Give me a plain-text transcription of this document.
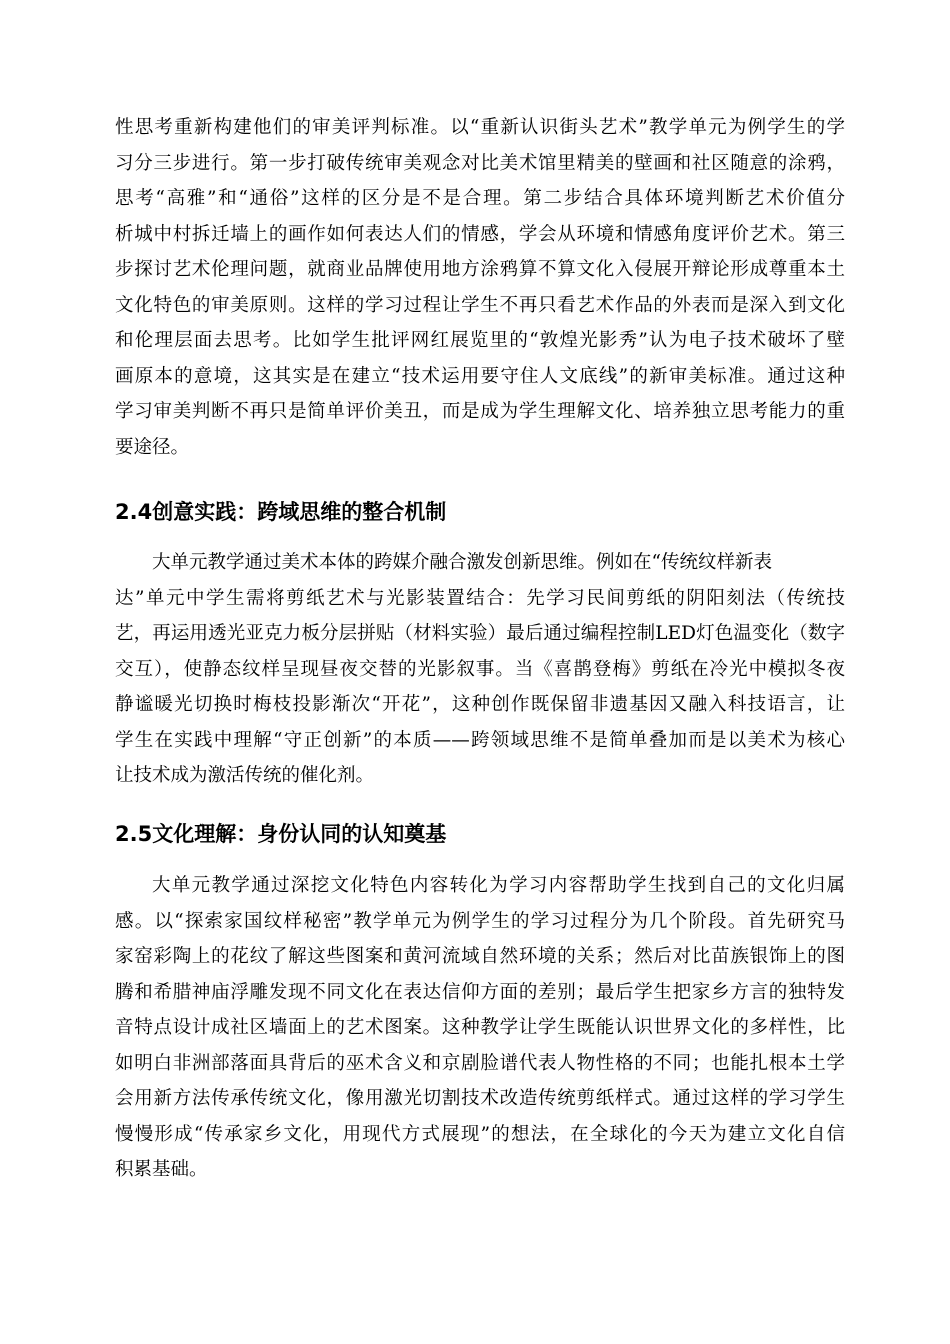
性思考重新构建他们的审美评判标准。以“重新认识街头艺术”教学单元为例学生的学
习分三步进行。第一步打破传统审美观念对比美术馆里精美的壁画和社区随意的涂鸦，
思考“高雅”和“通俗”这样的区分是不是合理。第二步结合具体环境判断艺术价值分
析城中村拆迁墙上的画作如何表达人们的情感，学会从环境和情感角度评价艺术。第三
步探讨艺术伦理问题，就商业品牌使用地方涂鸦算不算文化入侵展开辩论形成尊重本土
文化特色的审美原则。这样的学习过程让学生不再只看艺术作品的外表而是深入到文化
和伦理层面去思考。比如学生批评网红展览里的“敦煌光影秀”认为电子技术破坏了壁
画原本的意境，这其实是在建立“技术运用要守住人文底线”的新审美标准。通过这种
学习审美判断不再只是简单评价美丑，而是成为学生理解文化、培养独立思考能力的重
要途径。
2.4创意实践：跨域思维的整合机制
大单元教学通过美术本体的跨媒介融合激发创新思维。例如在“传统纹样新表
达”单元中学生需将剪纸艺术与光影装置结合：先学习民间剪纸的阴阳刻法（传统技
艺，再运用透光亚克力板分层拼贴（材料实验）最后通过编程控制LED灯色温变化（数字
交互），使静态纹样呈现昼夜交替的光影叙事。当《喜鹊登梅》剪纸在冷光中模拟冬夜
静谧暖光切换时梅枝投影渐次“开花”，这种创作既保留非遗基因又融入科技语言，让
学生在实践中理解“守正创新”的本质——跨领域思维不是简单叠加而是以美术为核心
让技术成为激活传统的催化剂。
2.5文化理解：身份认同的认知奠基
大单元教学通过深挖文化特色内容转化为学习内容帮助学生找到自己的文化归属
感。以“探索家国纹样秘密”教学单元为例学生的学习过程分为几个阶段。首先研究马
家窑彩陶上的花纹了解这些图案和黄河流域自然环境的关系；然后对比苗族银饰上的图
腾和希腊神庙浮雕发现不同文化在表达信仰方面的差别；最后学生把家乡方言的独特发
音特点设计成社区墙面上的艺术图案。这种教学让学生既能认识世界文化的多样性，比
如明白非洲部落面具背后的巫术含义和京剧脸谱代表人物性格的不同；也能扎根本土学
会用新方法传承传统文化，像用激光切割技术改造传统剪纸样式。通过这样的学习学生
慢慢形成“传承家乡文化，用现代方式展现”的想法，在全球化的今天为建立文化自信
积累基础。
